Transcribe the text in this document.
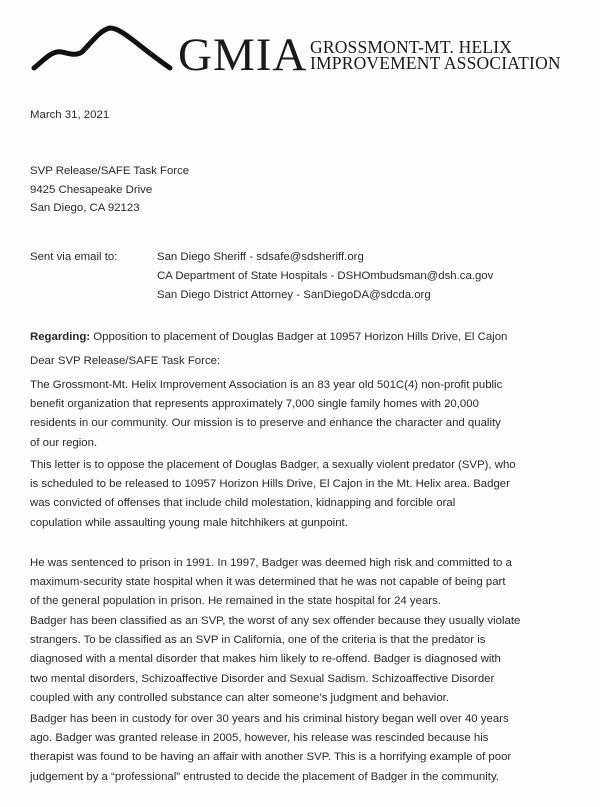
GMIA GROSSMONT-MT. HELIX
IMPROVEMENT ASSOCIATION
March 31, 2021
SVP Release/SAFE Task Force
9425 Chesapeake Drive
San Diego, CA 92123
Sent via email to:	San Diego Sheriff - sdsafe@sdsheriff.org
CA Department of State Hospitals - DSHOmbudsman@dsh.ca.gov
San Diego District Attorney - SanDiegoDA@sdcda.org
Regarding: Opposition to placement of Douglas Badger at 10957 Horizon Hills Drive, El Cajon
Dear SVP Release/SAFE Task Force:
The Grossmont-Mt. Helix Improvement Association is an 83 year old 501C(4) non-profit public
benefit organization that represents approximately 7,000 single family homes with 20,000
residents in our community. Our mission is to preserve and enhance the character and quality
of our region.
This letter is to oppose the placement of Douglas Badger, a sexually violent predator (SVP), who
is scheduled to be released to 10957 Horizon Hills Drive, El Cajon in the Mt. Helix area. Badger
was convicted of offenses that include child molestation, kidnapping and forcible oral
copulation while assaulting young male hitchhikers at gunpoint.
He was sentenced to prison in 1991. In 1997, Badger was deemed high risk and committed to a
maximum-security state hospital when it was determined that he was not capable of being part
of the general population in prison. He remained in the state hospital for 24 years.
Badger has been classified as an SVP, the worst of any sex offender because they usually violate
strangers. To be classified as an SVP in California, one of the criteria is that the predator is
diagnosed with a mental disorder that makes him likely to re-offend. Badger is diagnosed with
two mental disorders, Schizoaffective Disorder and Sexual Sadism. Schizoaffective Disorder
coupled with any controlled substance can alter someone’s judgment and behavior.
Badger has been in custody for over 30 years and his criminal history began well over 40 years
ago. Badger was granted release in 2005, however, his release was rescinded because his
therapist was found to be having an affair with another SVP. This is a horrifying example of poor
judgement by a “professional” entrusted to decide the placement of Badger in the community.
